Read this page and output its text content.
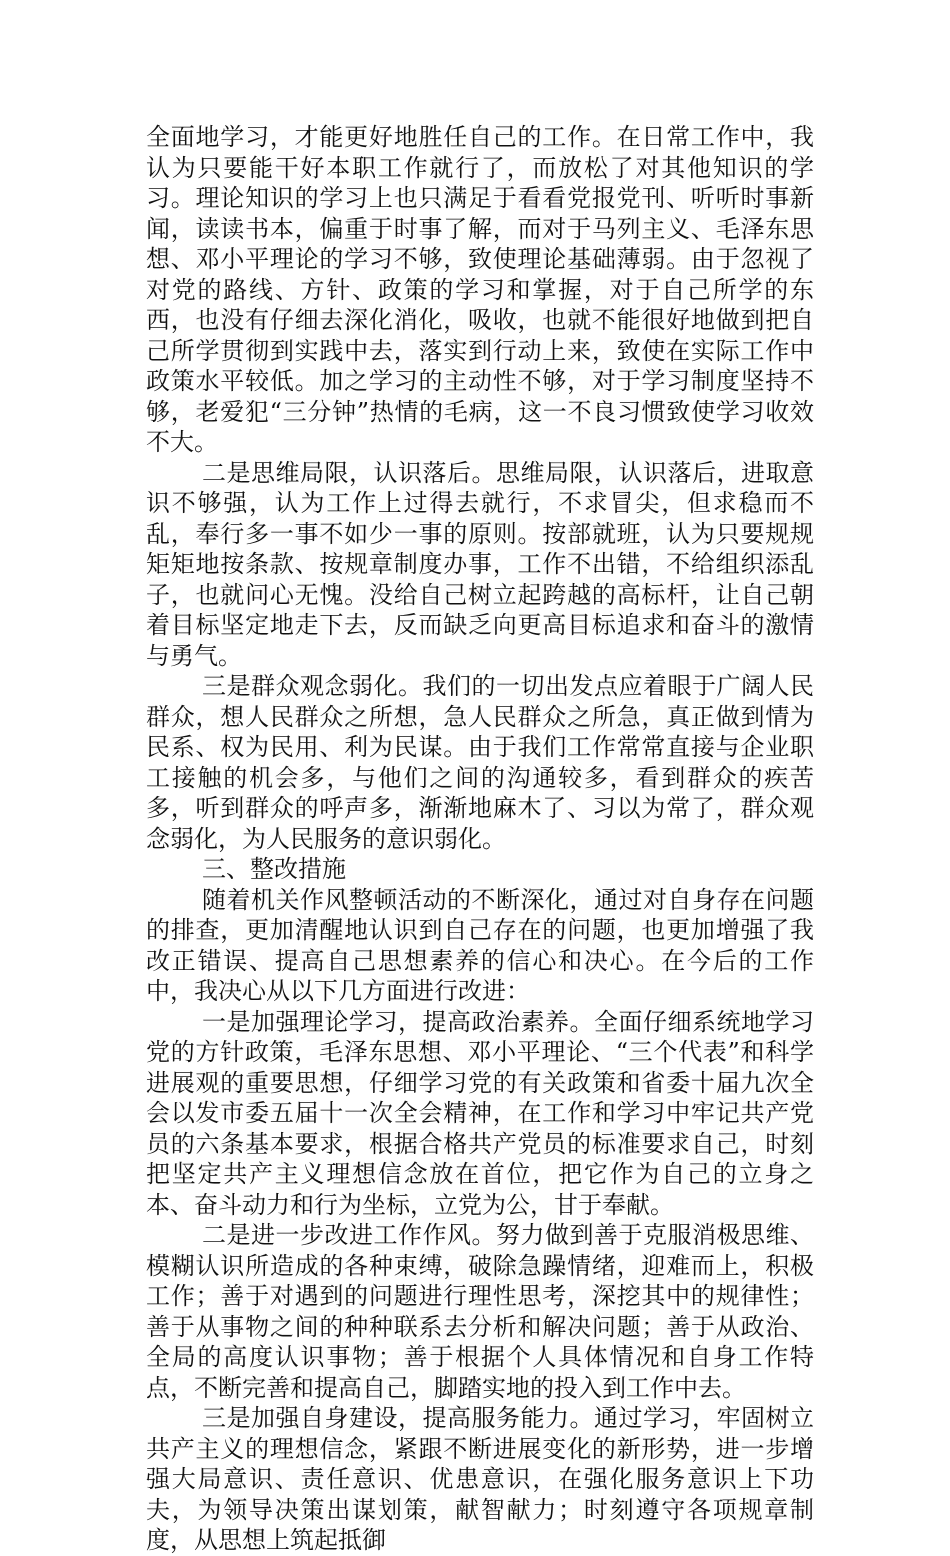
全面地学习，才能更好地胜任自己的工作。在日常工作中，我认为只要能干好本职工作就行了，而放松了对其他知识的学习。理论知识的学习上也只满足于看看党报党刊、听听时事新闻，读读书本，偏重于时事了解，而对于马列主义、毛泽东思想、邓小平理论的学习不够，致使理论基础薄弱。由于忽视了对党的路线、方针、政策的学习和掌握，对于自己所学的东西，也没有仔细去深化消化，吸收，也就不能很好地做到把自己所学贯彻到实践中去，落实到行动上来，致使在实际工作中政策水平较低。加之学习的主动性不够，对于学习制度坚持不够，老爱犯“三分钟”热情的毛病，这一不良习惯致使学习收效不大。

二是思维局限，认识落后。思维局限，认识落后，进取意识不够强，认为工作上过得去就行，不求冒尖，但求稳而不乱，奉行多一事不如少一事的原则。按部就班，认为只要规规矩矩地按条款、按规章制度办事，工作不出错，不给组织添乱子，也就问心无愧。没给自己树立起跨越的高标杆，让自己朝着目标坚定地走下去，反而缺乏向更高目标追求和奋斗的激情与勇气。

三是群众观念弱化。我们的一切出发点应着眼于广阔人民群众，想人民群众之所想，急人民群众之所急，真正做到情为民系、权为民用、利为民谋。由于我们工作常常直接与企业职工接触的机会多，与他们之间的沟通较多，看到群众的疾苦多，听到群众的呼声多，渐渐地麻木了、习以为常了，群众观念弱化，为人民服务的意识弱化。

三、整改措施

随着机关作风整顿活动的不断深化，通过对自身存在问题的排查，更加清醒地认识到自己存在的问题，也更加增强了我改正错误、提高自己思想素养的信心和决心。在今后的工作中，我决心从以下几方面进行改进：

一是加强理论学习，提高政治素养。全面仔细系统地学习党的方针政策，毛泽东思想、邓小平理论、“三个代表”和科学进展观的重要思想，仔细学习党的有关政策和省委十届九次全会以发市委五届十一次全会精神，在工作和学习中牢记共产党员的六条基本要求，根据合格共产党员的标准要求自己，时刻把坚定共产主义理想信念放在首位，把它作为自己的立身之本、奋斗动力和行为坐标，立党为公，甘于奉献。

二是进一步改进工作作风。努力做到善于克服消极思维、模糊认识所造成的各种束缚，破除急躁情绪，迎难而上，积极工作；善于对遇到的问题进行理性思考，深挖其中的规律性；善于从事物之间的种种联系去分析和解决问题；善于从政治、全局的高度认识事物；善于根据个人具体情况和自身工作特点，不断完善和提高自己，脚踏实地的投入到工作中去。

三是加强自身建设，提高服务能力。通过学习，牢固树立共产主义的理想信念，紧跟不断进展变化的新形势，进一步增强大局意识、责任意识、优患意识，在强化服务意识上下功夫，为领导决策出谋划策，献智献力；时刻遵守各项规章制度，从思想上筑起抵御
